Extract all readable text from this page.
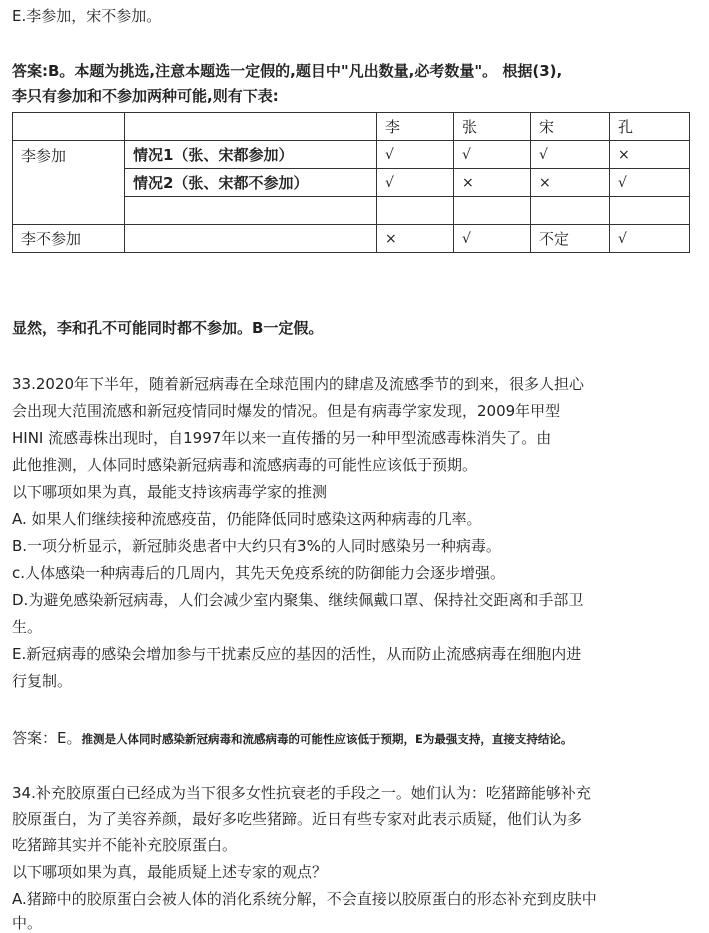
E.李参加，宋不参加。
答案:B。本题为挑选,注意本题选一定假的,题目中"凡出数量,必考数量"。 根据(3),
李只有参加和不参加两种可能,则有下表:
		李	张	宋	孔
李参加	情况1（张、宋都参加）	√	√	√	×
	情况2（张、宋都不参加）	√	×	×	√

李不参加		×	√	不定	√
显然，李和孔不可能同时都不参加。B一定假。
33.2020年下半年，随着新冠病毒在全球范围内的肆虐及流感季节的到来，很多人担心
会出现大范围流感和新冠疫情同时爆发的情况。但是有病毒学家发现，2009年甲型
HINI 流感毒株出现时，自1997年以来一直传播的另一种甲型流感毒株消失了。由
此他推测，人体同时感染新冠病毒和流感病毒的可能性应该低于预期。
以下哪项如果为真，最能支持该病毒学家的推测
A. 如果人们继续接种流感疫苗，仍能降低同时感染这两种病毒的几率。
B.一项分析显示，新冠肺炎患者中大约只有3%的人同时感染另一种病毒。
c.人体感染一种病毒后的几周内，其先天免疫系统的防御能力会逐步增强。
D.为避免感染新冠病毒，人们会减少室内聚集、继续佩戴口罩、保持社交距离和手部卫
生。
E.新冠病毒的感染会增加参与干扰素反应的基因的活性，从而防止流感病毒在细胞内进
行复制。
答案：E。推测是人体同时感染新冠病毒和流感病毒的可能性应该低于预期，E为最强支持，直接支持结论。
34.补充胶原蛋白已经成为当下很多女性抗衰老的手段之一。她们认为：吃猪蹄能够补充
胶原蛋白，为了美容养颜，最好多吃些猪蹄。近日有些专家对此表示质疑，他们认为多
吃猪蹄其实并不能补充胶原蛋白。
以下哪项如果为真，最能质疑上述专家的观点？
A.猪蹄中的胶原蛋白会被人体的消化系统分解，不会直接以胶原蛋白的形态补充到皮肤中
中。
